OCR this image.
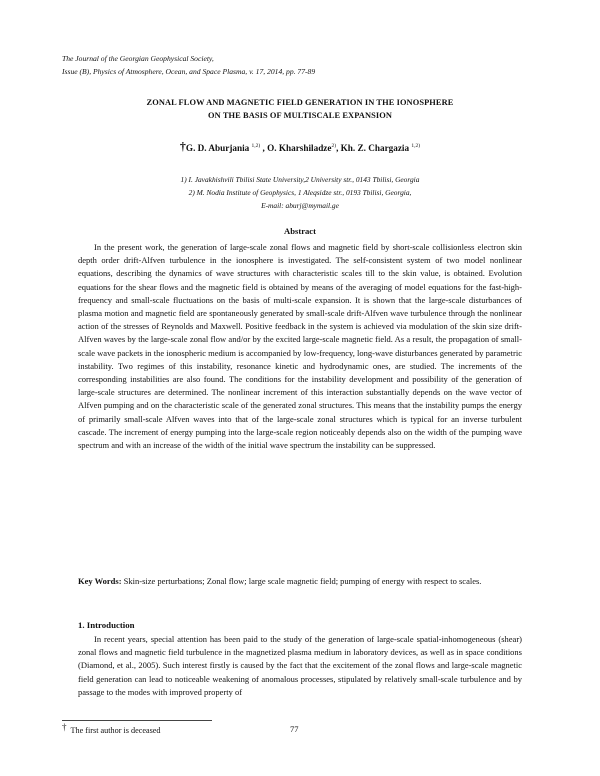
The Journal of the Georgian Geophysical Society,
Issue (B), Physics of Atmosphere, Ocean, and Space Plasma, v. 17, 2014, pp. 77-89
ZONAL FLOW AND MAGNETIC FIELD GENERATION IN THE IONOSPHERE
ON THE BASIS OF MULTISCALE EXPANSION
†G. D. Aburjania $^{1,2)}$ , O. Kharshiladze$^{2)}$, Kh. Z. Chargazia $^{1,2)}$
1) I. Javakhishvili Tbilisi State University,2 University str., 0143 Tbilisi, Georgia
2) M. Nodia Institute of Geophysics, 1 Aleqsidze str., 0193 Tbilisi, Georgia,
E-mail: aburj@mymail.ge
Abstract
In the present work, the generation of large-scale zonal flows and magnetic field by short-scale collisionless electron skin depth order drift-Alfven turbulence in the ionosphere is investigated. The self-consistent system of two model nonlinear equations, describing the dynamics of wave structures with characteristic scales till to the skin value, is obtained. Evolution equations for the shear flows and the magnetic field is obtained by means of the averaging of model equations for the fast-high-frequency and small-scale fluctuations on the basis of multi-scale expansion. It is shown that the large-scale disturbances of plasma motion and magnetic field are spontaneously generated by small-scale drift-Alfven wave turbulence through the nonlinear action of the stresses of Reynolds and Maxwell. Positive feedback in the system is achieved via modulation of the skin size drift-Alfven waves by the large-scale zonal flow and/or by the excited large-scale magnetic field. As a result, the propagation of small-scale wave packets in the ionospheric medium is accompanied by low-frequency, long-wave disturbances generated by parametric instability. Two regimes of this instability, resonance kinetic and hydrodynamic ones, are studied. The increments of the corresponding instabilities are also found. The conditions for the instability development and possibility of the generation of large-scale structures are determined. The nonlinear increment of this interaction substantially depends on the wave vector of Alfven pumping and on the characteristic scale of the generated zonal structures. This means that the instability pumps the energy of primarily small-scale Alfven waves into that of the large-scale zonal structures which is typical for an inverse turbulent cascade. The increment of energy pumping into the large-scale region noticeably depends also on the width of the pumping wave spectrum and with an increase of the width of the initial wave spectrum the instability can be suppressed.
Key Words: Skin-size perturbations; Zonal flow; large scale magnetic field; pumping of energy with respect to scales.
1. Introduction
In recent years, special attention has been paid to the study of the generation of large-scale spatial-inhomogeneous (shear) zonal flows and magnetic field turbulence in the magnetized plasma medium in laboratory devices, as well as in space conditions (Diamond, et al., 2005). Such interest firstly is caused by the fact that the excitement of the zonal flows and large-scale magnetic field generation can lead to noticeable weakening of anomalous processes, stipulated by relatively small-scale turbulence and by passage to the modes with improved property of
† The first author is deceased	77
